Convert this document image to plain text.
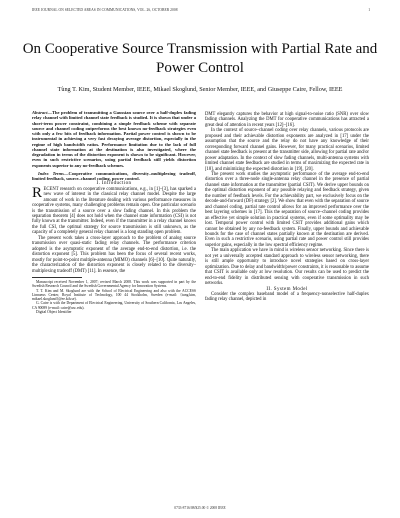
IEEE JOURNAL ON SELECTED AREAS IN COMMUNICATIONS, VOL. 26, OCTOBER 2008	1
On Cooperative Source Transmission with Partial Rate and Power Control
Tùng T. Kim, Student Member, IEEE, Mikael Skoglund, Senior Member, IEEE, and Giuseppe Caire, Fellow, IEEE

Abstract—The problem of transmitting a Gaussian source over a half-duplex fading relay channel with limited channel state feedback is studied. It is shown that under a short-term power constraint, combining a simple feedback scheme with separate source and channel coding outperforms the best known no-feedback strategies even with only a few bits of feedback information. Partial power control is shown to be instrumental in achieving a very fast decaying average distortion, especially in the regime of high bandwidth ratios. Performance limitation due to the lack of full channel state information at the destination is also investigated, where the degradation in terms of the distortion exponent is shown to be significant. However, even in such restrictive scenarios, using partial feedback still yields distortion exponents superior to any no-feedback schemes.

Index Terms—Cooperative communications, diversity–multiplexing tradeoff, limited feedback, source–channel coding, power control.

I. Introduction

RECENT research on cooperative communications, e.g., in [1]–[3], has sparked a new wave of interest in the classical relay channel model. Despite the large amount of work in the literature dealing with various performance measures in cooperative systems, many challenging problems remain open. One particular scenario is the transmission of a source over a slow fading channel. In this problem the separation theorem [4] does not hold when the channel state information (CSI) is not fully known at the transmitter. Indeed, even if the transmitter in a relay channel knows the full CSI, the optimal strategy for source transmission is still unknown, as the capacity of a completely general relay channel is a long standing open problem.

The present work takes a cross-layer approach to the problem of analog source transmission over quasi-static fading relay channels. The performance criterion adopted is the asymptotic exponent of the average end-to-end distortion, i.e. the distortion exponent [5]. This problem has been the focus of several recent works, mostly for point-to-point multiple-antenna (MIMO) channels [6]–[10]. Quite naturally, the characterization of the distortion exponent is closely related to the diversity–multiplexing tradeoff (DMT) [11]. In essence, the

Manuscript received November 1, 2007; revised March 2008. This work was supported in part by the Swedish Research Council and the Swedish Governmental Agency for Innovation Systems.

T. T. Kim and M. Skoglund are with the School of Electrical Engineering and also with the ACCESS Linnaeus Center, Royal Institute of Technology, 100 44 Stockholm, Sweden (e-mail: {tung.kim, mikael.skoglund}@ee.kth.se).

G. Caire is with the Department of Electrical Engineering, University of Southern California, Los Angeles, CA 90089 (e-mail: caire@usc.edu).

Digital Object Identifier

DMT elegantly captures the behavior at high signal-to-noise ratio (SNR) over slow fading channels. Analyzing the DMT for cooperative communications has attracted a great deal of attention in recent years [12]–[16].

In the context of source–channel coding over relay channels, various protocols are proposed and their achievable distortion exponents are analyzed in [17] under the assumption that the source and the relay do not have any knowledge of their corresponding forward channel gains. However, for many practical scenarios, limited channel state feedback is present at the transmitter side, allowing for partial rate and/or power adaptation. In the context of slow fading channels, multi-antenna systems with limited channel state feedback are studied in terms of maximizing the expected rate in [18], and minimizing the expected distortion in [19], [20].

The present work studies the asymptotic performance of the average end-to-end distortion over a three-node single-antenna relay channel in the presence of partial channel state information at the transmitter (partial CSIT). We derive upper bounds on the optimal distortion exponent of any possible relaying and feedback strategy, given the number of feedback levels. For the achievability part, we exclusively focus on the decode-and-forward (DF) strategy [2]. We show that even with the separation of source and channel coding, partial rate control allows for an improved performance over the best layering schemes in [17]. This the separation of source–channel coding provides an effective yet simple solution in practical systems, even if some optimality may be lost. Temporal power control with limited CSIT provides additional gains which cannot be obtained by any no-feedback system. Finally, upper bounds and achievable bounds for the case of channel states partially known at the destination are derived. Even in such a restrictive scenario, using partial rate and power control still provides superior gains, especially in the low spectral efficiency regime.

The main application we have in mind is wireless sensor networking. Since there is not yet a universally accepted standard approach to wireless sensor networking, there is still ample opportunity to introduce novel strategies based on cross-layer optimization. Due to delay and bandwidth/power constraints, it is reasonable to assume that CSIT is available only at low resolution. Our results can be used to predict the end-to-end fidelity in distributed sensing with cooperative transmission in such networks.

II. System Model

Consider the complex baseband model of a frequency-nonselective half-duplex fading relay channel, depicted in

0733-8716/08/$25.00 © 2008 IEEE
